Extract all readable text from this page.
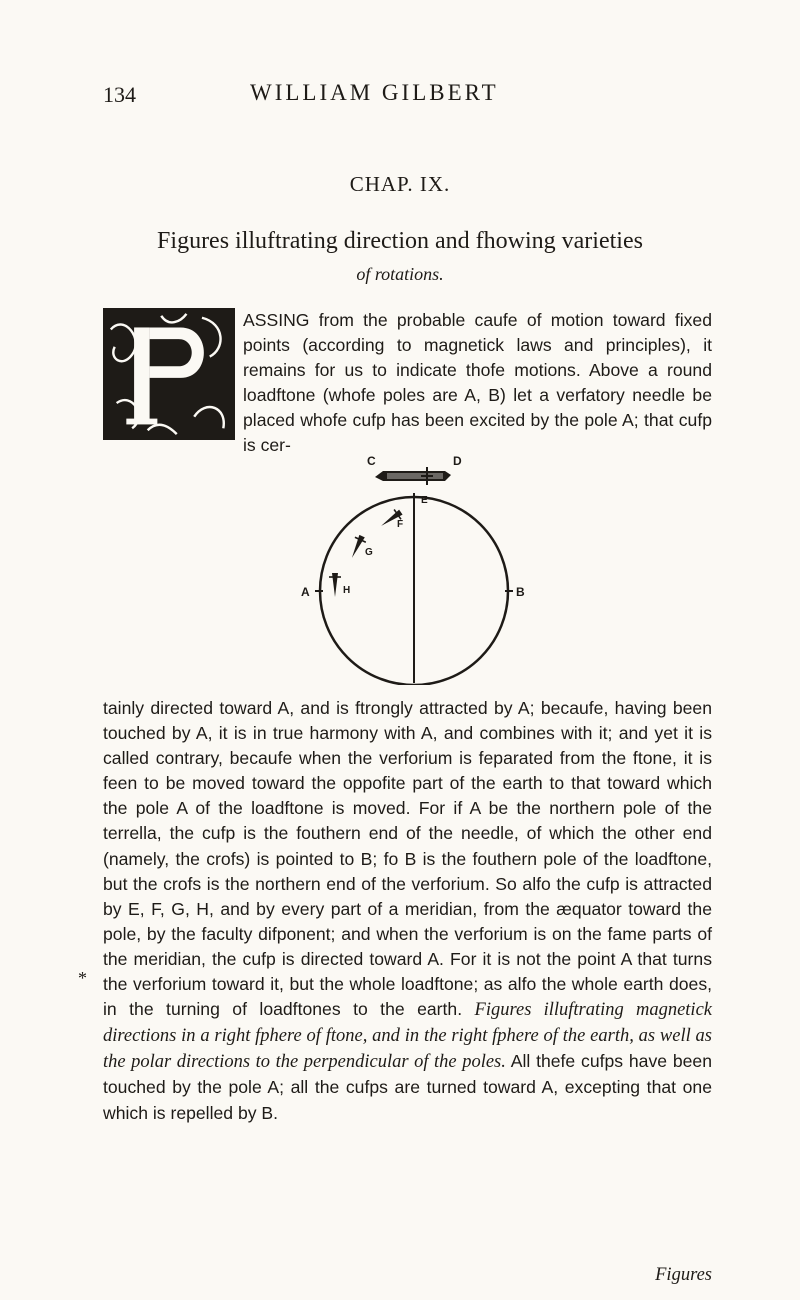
134	WILLIAM GILBERT
CHAP. IX.
Figures illuftrating direction and fhowing varieties
of rotations.

ASSING from the probable caufe of motion toward fixed points (according to magnetick laws and principles), it remains for us to indicate thofe motions. Above a round loadftone (whofe poles are A, B) let a verfatory needle be placed whofe cufp has been excited by the pole A; that cufp is cer-

C	D
A	B
E
F
G
H

tainly directed toward A, and is ftrongly attracted by A; becaufe, having been touched by A, it is in true harmony with A, and combines with it; and yet it is called contrary, becaufe when the verforium is feparated from the ftone, it is feen to be moved toward the oppofite part of the earth to that toward which the pole A of the loadftone is moved. For if A be the northern pole of the terrella, the cufp is the fouthern end of the needle, of which the other end (namely, the crofs) is pointed to B; fo B is the fouthern pole of the loadftone, but the crofs is the northern end of the verforium. So alfo the cufp is attracted by E, F, G, H, and by every part of a meridian, from the æquator toward the pole, by the faculty difponent; and when the verforium is on the fame parts of the meridian, the cufp is directed toward A. For it is not the point A that turns the verforium toward it, but the whole loadftone; as alfo the whole earth does, in the turning of loadftones to the earth. Figures illuftrating magnetick directions in a right fphere of ftone, and in the right fphere of the earth, as well as the polar directions to the perpendicular of the poles. All thefe cufps have been touched by the pole A; all the cufps are turned toward A, excepting that one which is repelled by B.

*
Figures
